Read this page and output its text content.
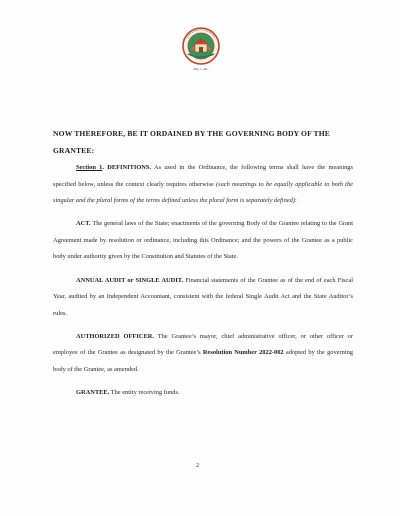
July 1, 20..
NOW THEREFORE, BE IT ORDAINED BY THE GOVERNING BODY OF THE GRANTEE:

Section 1. DEFINITIONS. As used in the Ordinance, the following terms shall have the meanings specified below, unless the context clearly requires otherwise (such meanings to be equally applicable to both the singular and the plural forms of the terms defined unless the plural form is separately defined):

ACT. The general laws of the State; enactments of the governing Body of the Grantee relating to the Grant Agreement made by resolution or ordinance, including this Ordinance; and the powers of the Grantee as a public body under authority given by the Constitution and Statutes of the State.

ANNUAL AUDIT or SINGLE AUDIT. Financial statements of the Grantee as of the end of each Fiscal Year, audited by an Independent Accountant, consistent with the federal Single Audit Act and the State Auditor’s rules.

AUTHORIZED OFFICER. The Grantee’s mayor, chief administrative officer, or other officer or employee of the Grantee as designated by the Grantee’s Resolution Number 2022-002 adopted by the governing body of the Grantee, as amended.

GRANTEE. The entity receiving funds.

2
